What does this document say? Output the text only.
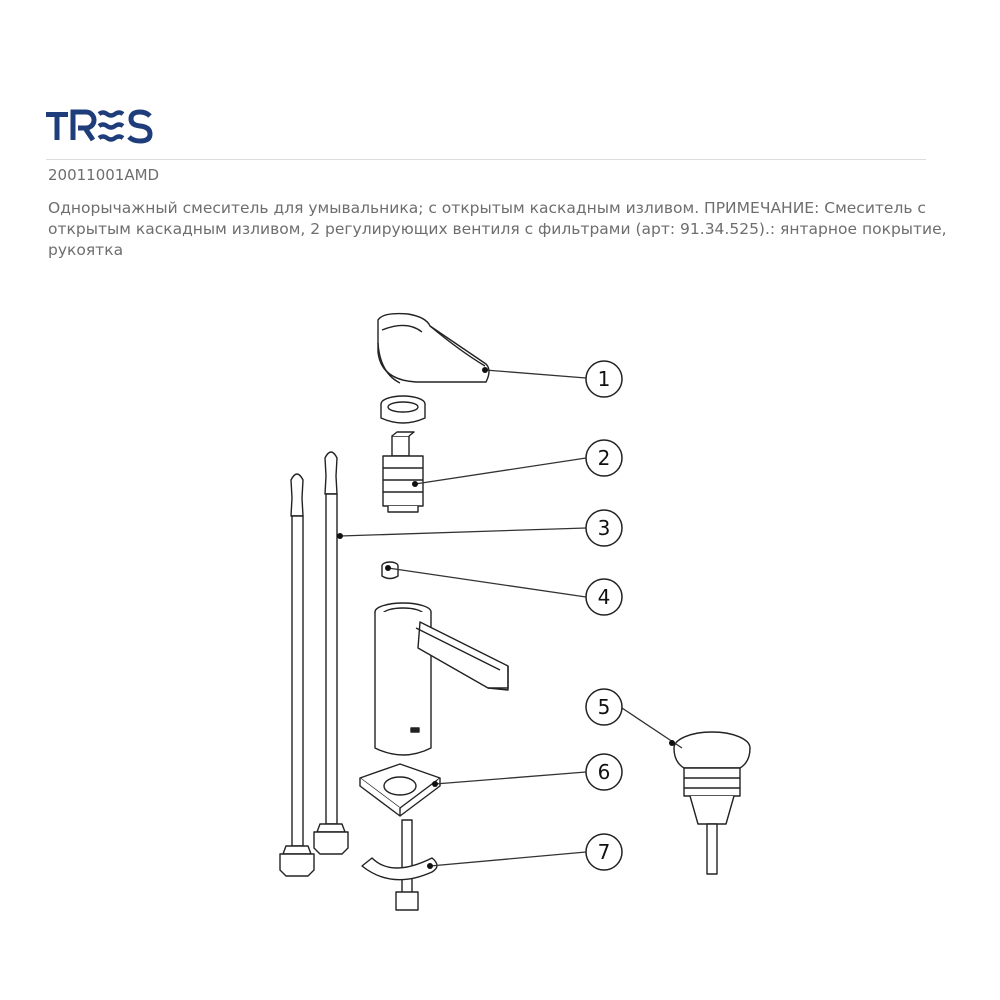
20011001AMD
Однорычажный смеситель для умывальника; с открытым каскадным изливом. ПРИМЕЧАНИЕ: Смеситель с открытым каскадным изливом, 2 регулирующих вентиля с фильтрами (арт: 91.34.525).: янтарное покрытие, рукоятка
1
2
3
4
5
6
7
